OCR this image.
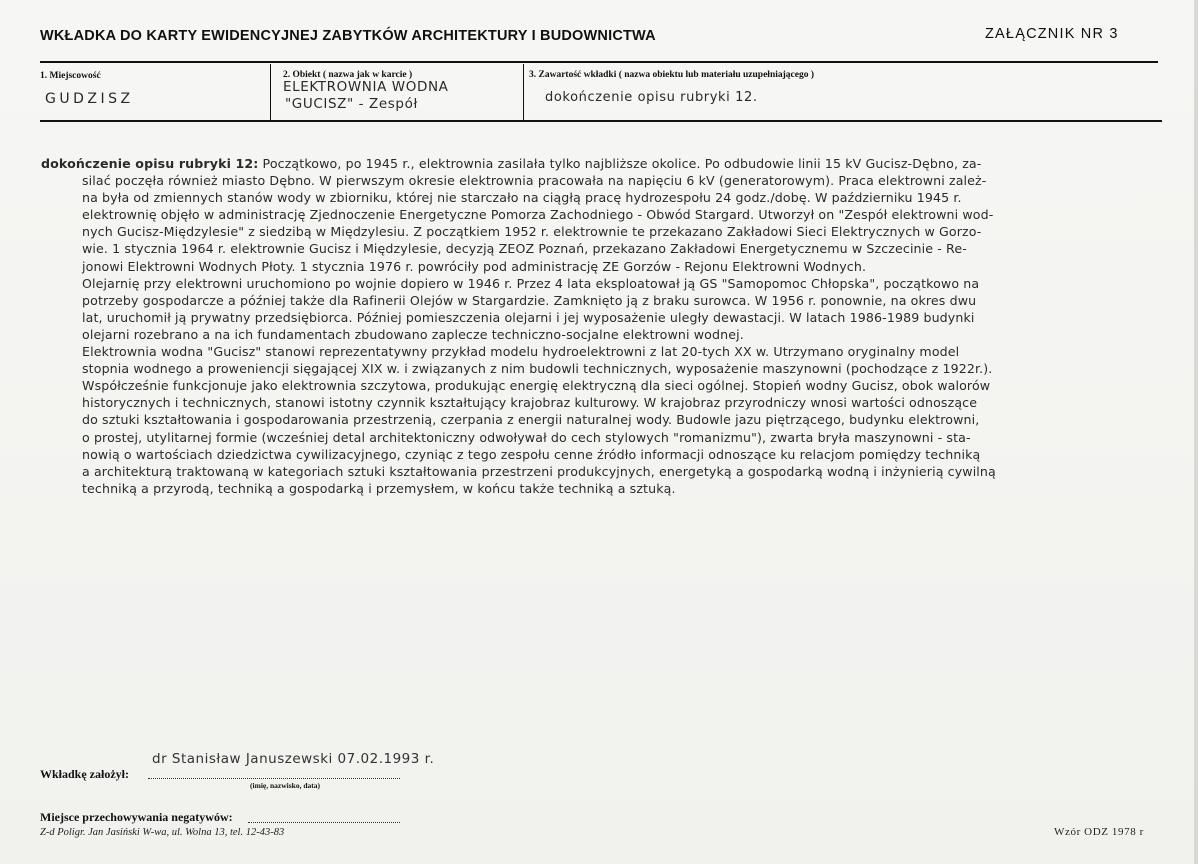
WKŁADKA DO KARTY EWIDENCYJNEJ ZABYTKÓW ARCHITEKTURY I BUDOWNICTWA	ZAŁĄCZNIK NR 3
1. Miejscowość
GUDZISZ
2. Obiekt ( nazwa jak w karcie )
ELEKTROWNIA WODNA
"GUCISZ" - Zespół
3. Zawartość wkładki ( nazwa obiektu lub materiału uzupełniającego )
dokończenie opisu rubryki 12.
dokończenie opisu rubryki 12: Początkowo, po 1945 r., elektrownia zasilała tylko najbliższe okolice. Po odbudowie linii 15 kV Gucisz-Dębno, za-
silać poczęła również miasto Dębno. W pierwszym okresie elektrownia pracowała na napięciu 6 kV (generatorowym). Praca elektrowni zależ-
na była od zmiennych stanów wody w zbiorniku, której nie starczało na ciągłą pracę hydrozespołu 24 godz./dobę. W październiku 1945 r.
elektrownię objęło w administrację Zjednoczenie Energetyczne Pomorza Zachodniego - Obwód Stargard. Utworzył on "Zespół elektrowni wod-
nych Gucisz-Międzylesie" z siedzibą w Międzylesiu. Z początkiem 1952 r. elektrownie te przekazano Zakładowi Sieci Elektrycznych w Gorzo-
wie. 1 stycznia 1964 r. elektrownie Gucisz i Międzylesie, decyzją ZEOZ Poznań, przekazano Zakładowi Energetycznemu w Szczecinie - Re-
jonowi Elektrowni Wodnych Płoty. 1 stycznia 1976 r. powróciły pod administrację ZE Gorzów - Rejonu Elektrowni Wodnych.
Olejarnię przy elektrowni uruchomiono po wojnie dopiero w 1946 r. Przez 4 lata eksploatował ją GS "Samopomoc Chłopska", początkowo na
potrzeby gospodarcze a później także dla Rafinerii Olejów w Stargardzie. Zamknięto ją z braku surowca. W 1956 r. ponownie, na okres dwu
lat, uruchomił ją prywatny przedsiębiorca. Później pomieszczenia olejarni i jej wyposażenie uległy dewastacji. W latach 1986-1989 budynki
olejarni rozebrano a na ich fundamentach zbudowano zaplecze techniczno-socjalne elektrowni wodnej.
Elektrownia wodna "Gucisz" stanowi reprezentatywny przykład modelu hydroelektrowni z lat 20-tych XX w. Utrzymano oryginalny model
stopnia wodnego a proweniencji sięgającej XIX w. i związanych z nim budowli technicznych, wyposażenie maszynowni (pochodzące z 1922r.).
Współcześnie funkcjonuje jako elektrownia szczytowa, produkując energię elektryczną dla sieci ogólnej. Stopień wodny Gucisz, obok walorów
historycznych i technicznych, stanowi istotny czynnik kształtujący krajobraz kulturowy. W krajobraz przyrodniczy wnosi wartości odnoszące
do sztuki kształtowania i gospodarowania przestrzenią, czerpania z energii naturalnej wody. Budowle jazu piętrzącego, budynku elektrowni,
o prostej, utylitarnej formie (wcześniej detal architektoniczny odwoływał do cech stylowych "romanizmu"), zwarta bryła maszynowni - sta-
nowią o wartościach dziedzictwa cywilizacyjnego, czyniąc z tego zespołu cenne źródło informacji odnoszące ku relacjom pomiędzy techniką
a architekturą traktowaną w kategoriach sztuki kształtowania przestrzeni produkcyjnych, energetyką a gospodarką wodną i inżynierią cywilną
techniką a przyrodą, techniką a gospodarką i przemysłem, w końcu także techniką a sztuką.
dr Stanisław Januszewski 07.02.1993 r.
Wkładkę założył:
(imię, nazwisko, data)
Miejsce przechowywania negatywów:
Z-d Poligr. Jan Jasiński W-wa, ul. Wolna 13, tel. 12-43-83	Wzór ODZ 1978 r
